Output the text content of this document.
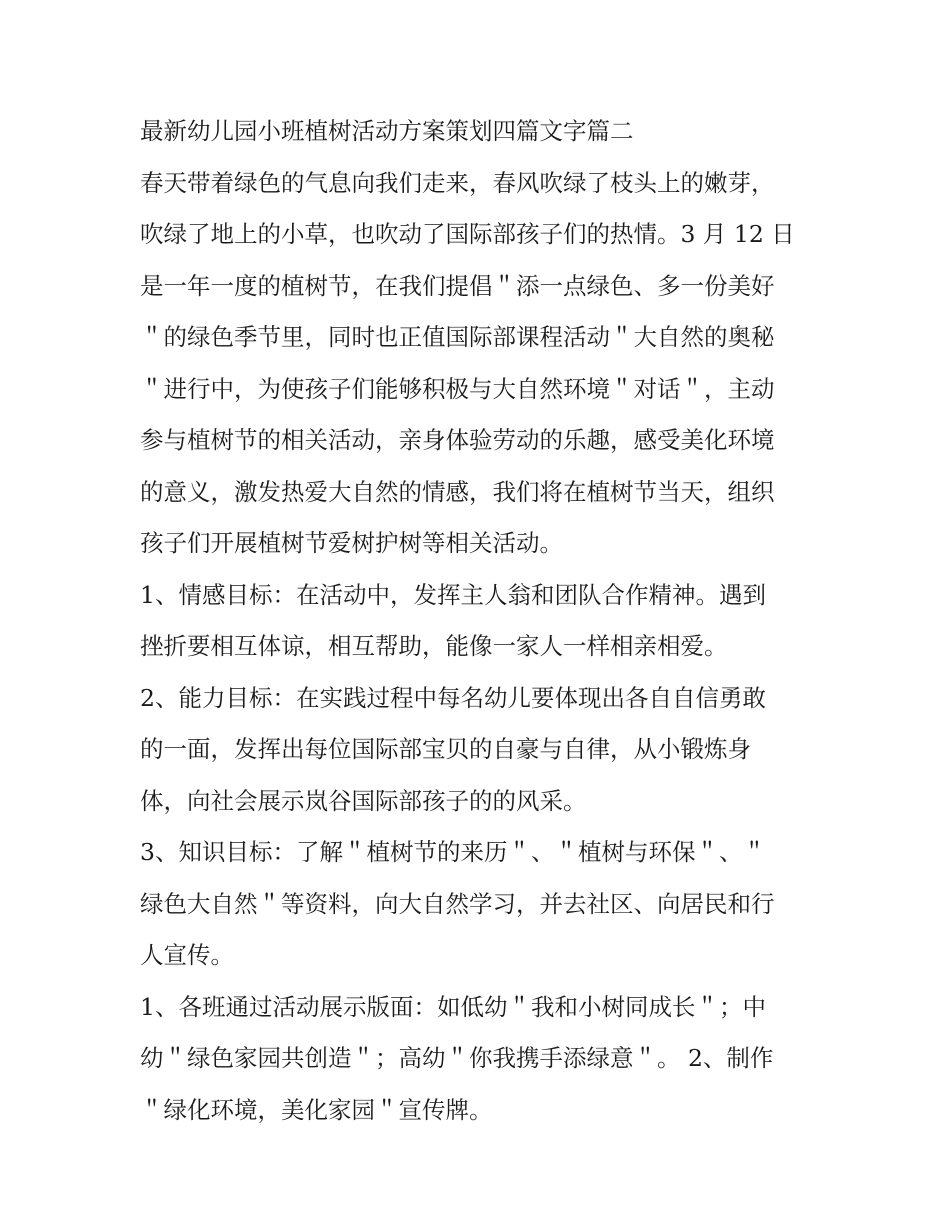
最新幼儿园小班植树活动方案策划四篇文字篇二
春天带着绿色的气息向我们走来，春风吹绿了枝头上的嫩芽，
吹绿了地上的小草，也吹动了国际部孩子们的热情。3 月 12 日
是一年一度的植树节，在我们提倡＂添一点绿色、多一份美好
＂的绿色季节里，同时也正值国际部课程活动＂大自然的奥秘
＂进行中，为使孩子们能够积极与大自然环境＂对话＂，主动
参与植树节的相关活动，亲身体验劳动的乐趣，感受美化环境
的意义，激发热爱大自然的情感，我们将在植树节当天，组织
孩子们开展植树节爱树护树等相关活动。
1、情感目标：在活动中，发挥主人翁和团队合作精神。遇到
挫折要相互体谅，相互帮助，能像一家人一样相亲相爱。
2、能力目标：在实践过程中每名幼儿要体现出各自自信勇敢
的一面，发挥出每位国际部宝贝的自豪与自律，从小锻炼身
体，向社会展示岚谷国际部孩子的的风采。
3、知识目标：了解＂植树节的来历＂、＂植树与环保＂、＂
绿色大自然＂等资料，向大自然学习，并去社区、向居民和行
人宣传。
1、各班通过活动展示版面：如低幼＂我和小树同成长＂；中
幼＂绿色家园共创造＂；高幼＂你我携手添绿意＂。 2、制作
＂绿化环境，美化家园＂宣传牌。
